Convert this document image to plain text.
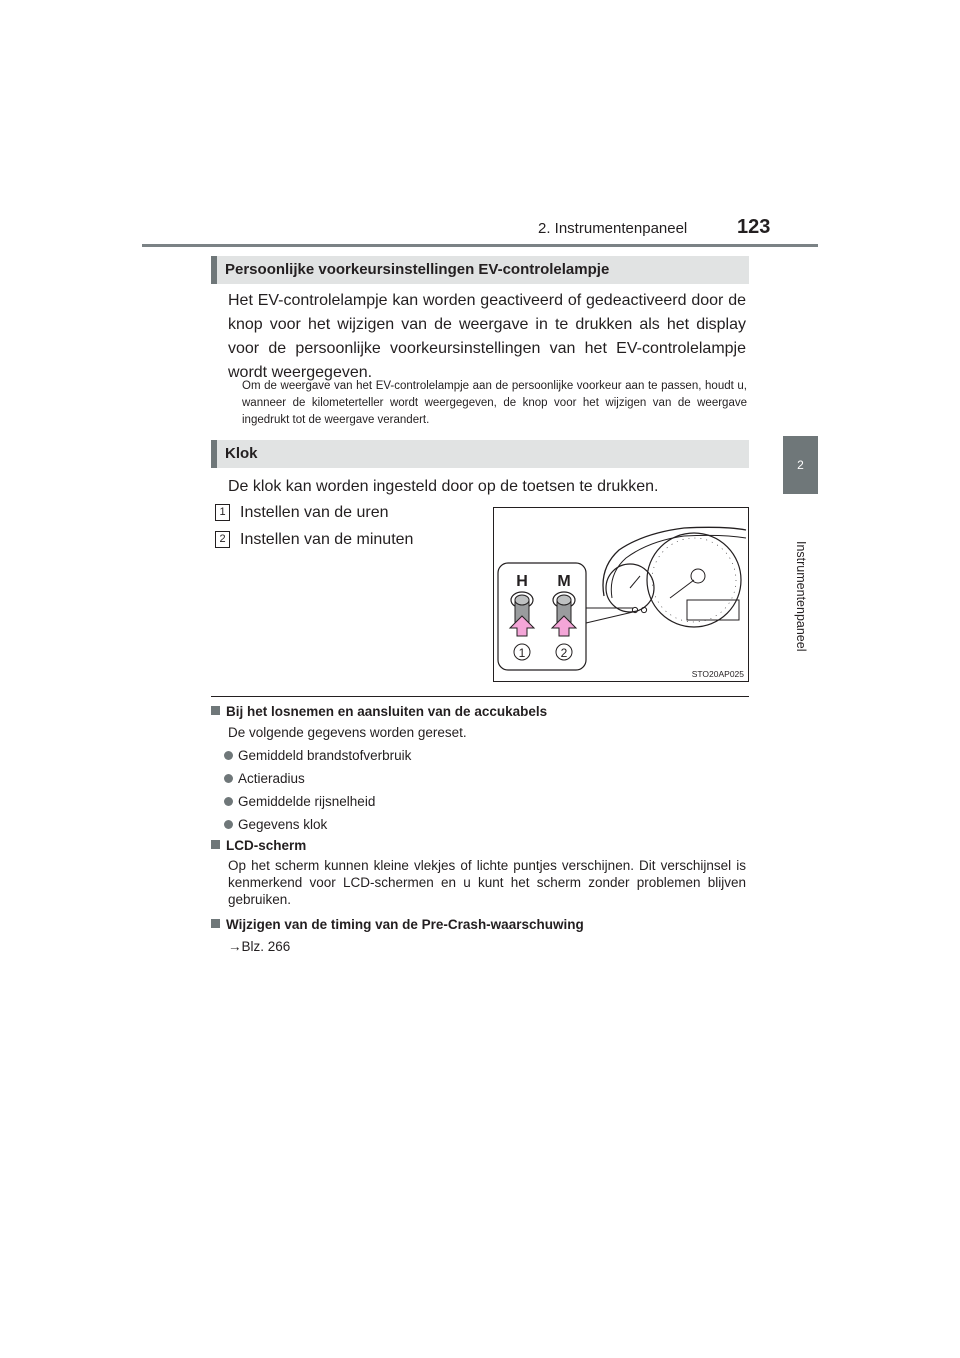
2. Instrumentenpaneel 123
2
Instrumentenpaneel
Persoonlijke voorkeursinstellingen EV-controlelampje
Het EV-controlelampje kan worden geactiveerd of gedeactiveerd door de knop voor het wijzigen van de weergave in te drukken als het display voor de persoonlijke voorkeursinstellingen van het EV-controlelampje wordt weergegeven.
Om de weergave van het EV-controlelampje aan de persoonlijke voorkeur aan te passen, houdt u, wanneer de kilometerteller wordt weergegeven, de knop voor het wijzigen van de weergave ingedrukt tot de weergave verandert.
Klok
De klok kan worden ingesteld door op de toetsen te drukken.
1 Instellen van de uren
2 Instellen van de minuten
H M
1	2
STO20AP025
Bij het losnemen en aansluiten van de accukabels
De volgende gegevens worden gereset.
Gemiddeld brandstofverbruik
Actieradius
Gemiddelde rijsnelheid
Gegevens klok
LCD-scherm
Op het scherm kunnen kleine vlekjes of lichte puntjes verschijnen. Dit verschijnsel is kenmerkend voor LCD-schermen en u kunt het scherm zonder problemen blijven gebruiken.
Wijzigen van de timing van de Pre-Crash-waarschuwing
→Blz. 266
